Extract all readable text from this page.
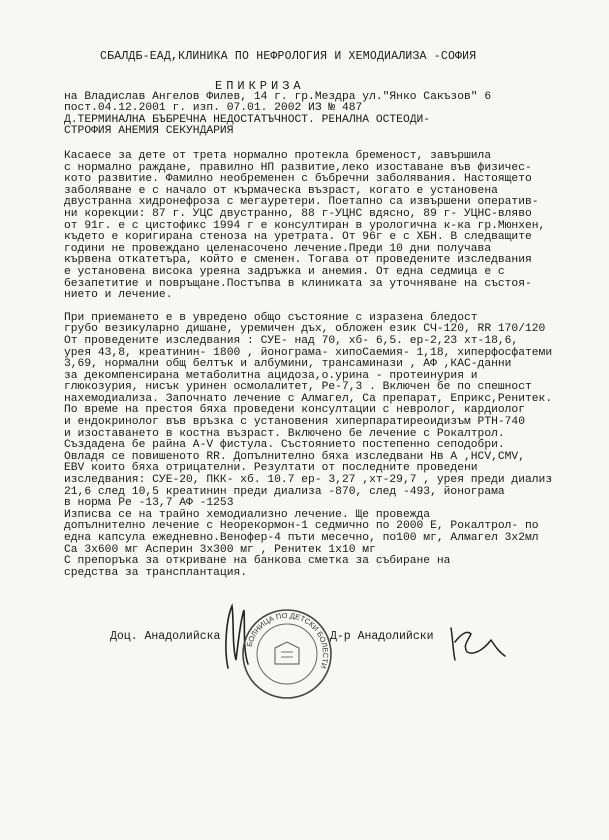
СБАЛДБ-ЕАД,КЛИНИКА ПО НЕФРОЛОГИЯ И ХЕМОДИАЛИЗА -СОФИЯ
ЕПИКРИЗА
на Владислав Ангелов Филев, 14 г. гр.Мездра ул."Янко Сакъзов" 6
пост.04.12.2001 г. изп. 07.01. 2002 ИЗ № 487
Д.ТЕРМИНАЛНА БЪБРЕЧНА НЕДОСТАТЪЧНОСТ. РЕНАЛНА ОСТЕОДИ-
СТРОФИЯ АНЕМИЯ СЕКУНДАРИЯ
Касаесе за дете от трета нормално протекла бременост, завършила
с нормално раждане, правилно НП развитие,леко изоставане във физичес-
кото развитие. Фамилно необременен с бъбречни заболявания. Настоящето
заболяване е с начало от кърмаческа възраст, когато е установена
двустранна хидронефроза с мегауретери. Поетапно са извършени оператив-
ни корекции: 87 г. УЦС двустранно, 88 г-УЦНС вдясно, 89 г- УЦНС-вляво
от 91г. е с цистофикс 1994 г е консултиран в урологична к-ка гр.Мюнхен,
където е коригирана стеноза на уретрата. От 96г е с ХБН. В следващите
години не провеждано целенасочено лечение.Преди 10 дни получава
кървена откатетъра, който е сменен. Тогава от проведените изследвания
е установена висока уреяна задръжка и анемия. От една седмица е с
безапетитие и повръщане.Постъпва в клиниката за уточняване на състоя-
нието и лечение.
При приемането е в увредено общо състояние с изразена бледост
грубо везикуларно дишане, уремичен дъх, обложен език СЧ-120, RR 170/120
От проведените изследвания : СУЕ- над 70, хб- 6,5. ер-2,23 хт-18,6,
урея 43,8, креатинин- 1800 , йонограма- хипоСаемия- 1,18, хиперфосфатеми
3,69, нормални общ белтък и албумини, трансаминази , АФ ,КАС-данни
за декомпенсирана метаболитна ацидоза,о.урина - протеинурия и
глюкозурия, нисък уринен осмолалитет, Ре-7,3 . Включен бе по спешност
нахемодиализа. Започнато лечение с Алмагел, Са препарат, Еприкс,Ренитек.
По време на престоя бяха проведени консултации с невролог, кардиолог
и ендокринолог във връзка с установения хиперпаратиреоидизъм РТН-740
и изоставането в костна възраст. Включено бе лечение с Рокалтрол.
Създадена бе райна А-V фистула. Състоянието постепенно сеподобри.
Овладя се повишеното RR. Допълнително бяха изследвани Hв А ,НСV,СМV,
ЕВV които бяха отрицателни. Резултати от последните проведени
изследвания: СУЕ-20, ПКК- хб. 10.7 ер- 3,27 ,хт-29,7 , урея преди диализ
21,6 след 10,5 креатинин преди диализа -870, след -493, йонограма
в норма Ре -13,7 АФ -1253
Изписва се на трайно хемодиализно лечение. Ще провежда
допълнително лечение с Неорекормон-1 седмично по 2000 Е, Рокалтрол- по
една капсула ежедневно.Венофер-4 пъти месечно, по100 мг, Алмагел 3х2мл
Са 3х600 мг Асперин 3х300 мг , Ренитек 1х10 мг
С препоръка за откриване на банкова сметка за събиране на
средства за трансплантация.
Доц. Анадолийска
БОЛНИЦА ПО ДЕТСКИ БОЛЕСТИ
Д-р Анадолийски
